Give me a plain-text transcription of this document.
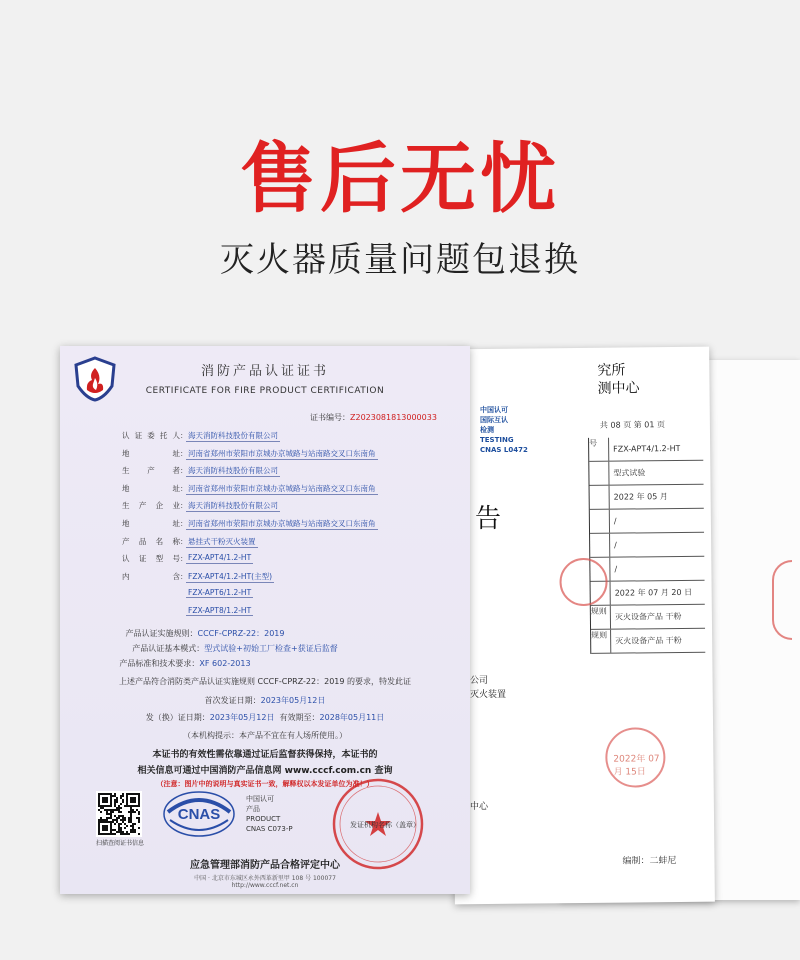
售后无忧
灭火器质量问题包退换
究所
测中心
共 08 页 第 01 页
号
FZX-APT4/1.2-HT
型式试验
2022 年 05 月
/
/
/
2022 年 07 月 20 日
规则
灭火设备产品 干粉
规则
灭火设备产品 干粉
2022年 07 月 15日
编制：二蚌尼
中国认可
国际互认
检测
TESTING
CNAS L0472
告
公司
灭火装置
中心
消防产品认证证书
CERTIFICATE FOR FIRE PRODUCT CERTIFICATION
证书编号：Z2023081813000033
认证委托人 ： 海天消防科技股份有限公司
地址 ： 河南省郑州市荥阳市京城办京城路与站南路交叉口东南角
生产者 ： 海天消防科技股份有限公司
地址 ： 河南省郑州市荥阳市京城办京城路与站南路交叉口东南角
生产企业 ： 海天消防科技股份有限公司
地址 ： 河南省郑州市荥阳市京城办京城路与站南路交叉口东南角
产品名称 ： 悬挂式干粉灭火装置
认证型号 ： FZX-APT4/1.2-HT
内含 ： FZX-APT4/1.2-HT(主型)
FZX-APT6/1.2-HT
FZX-APT8/1.2-HT
产品认证实施规则：CCCF-CPRZ-22：2019
产品认证基本模式：型式试验+初始工厂检查+获证后监督
产品标准和技术要求：XF 602-2013
上述产品符合消防类产品认证实施规则 CCCF-CPRZ-22：2019 的要求，特发此证
首次发证日期：2023年05月12日
发（换）证日期：2023年05月12日 有效期至：2028年05月11日
（本机构提示：本产品不宜在有人场所使用。）
本证书的有效性需依靠通过证后监督获得保持，本证书的
相关信息可通过中国消防产品信息网 www.cccf.com.cn 查询
（注意：图片中的说明与真实证书一致，解释权以本发证单位为准！）
扫描查阅证书信息
CNAS
中国认可
产品
PRODUCT
CNAS C073-P	发证机构名称（盖章）
应急管理部消防产品合格评定中心
中国 · 北京市东城区永外西革新里甲 108 号 100077
http://www.cccf.net.cn
